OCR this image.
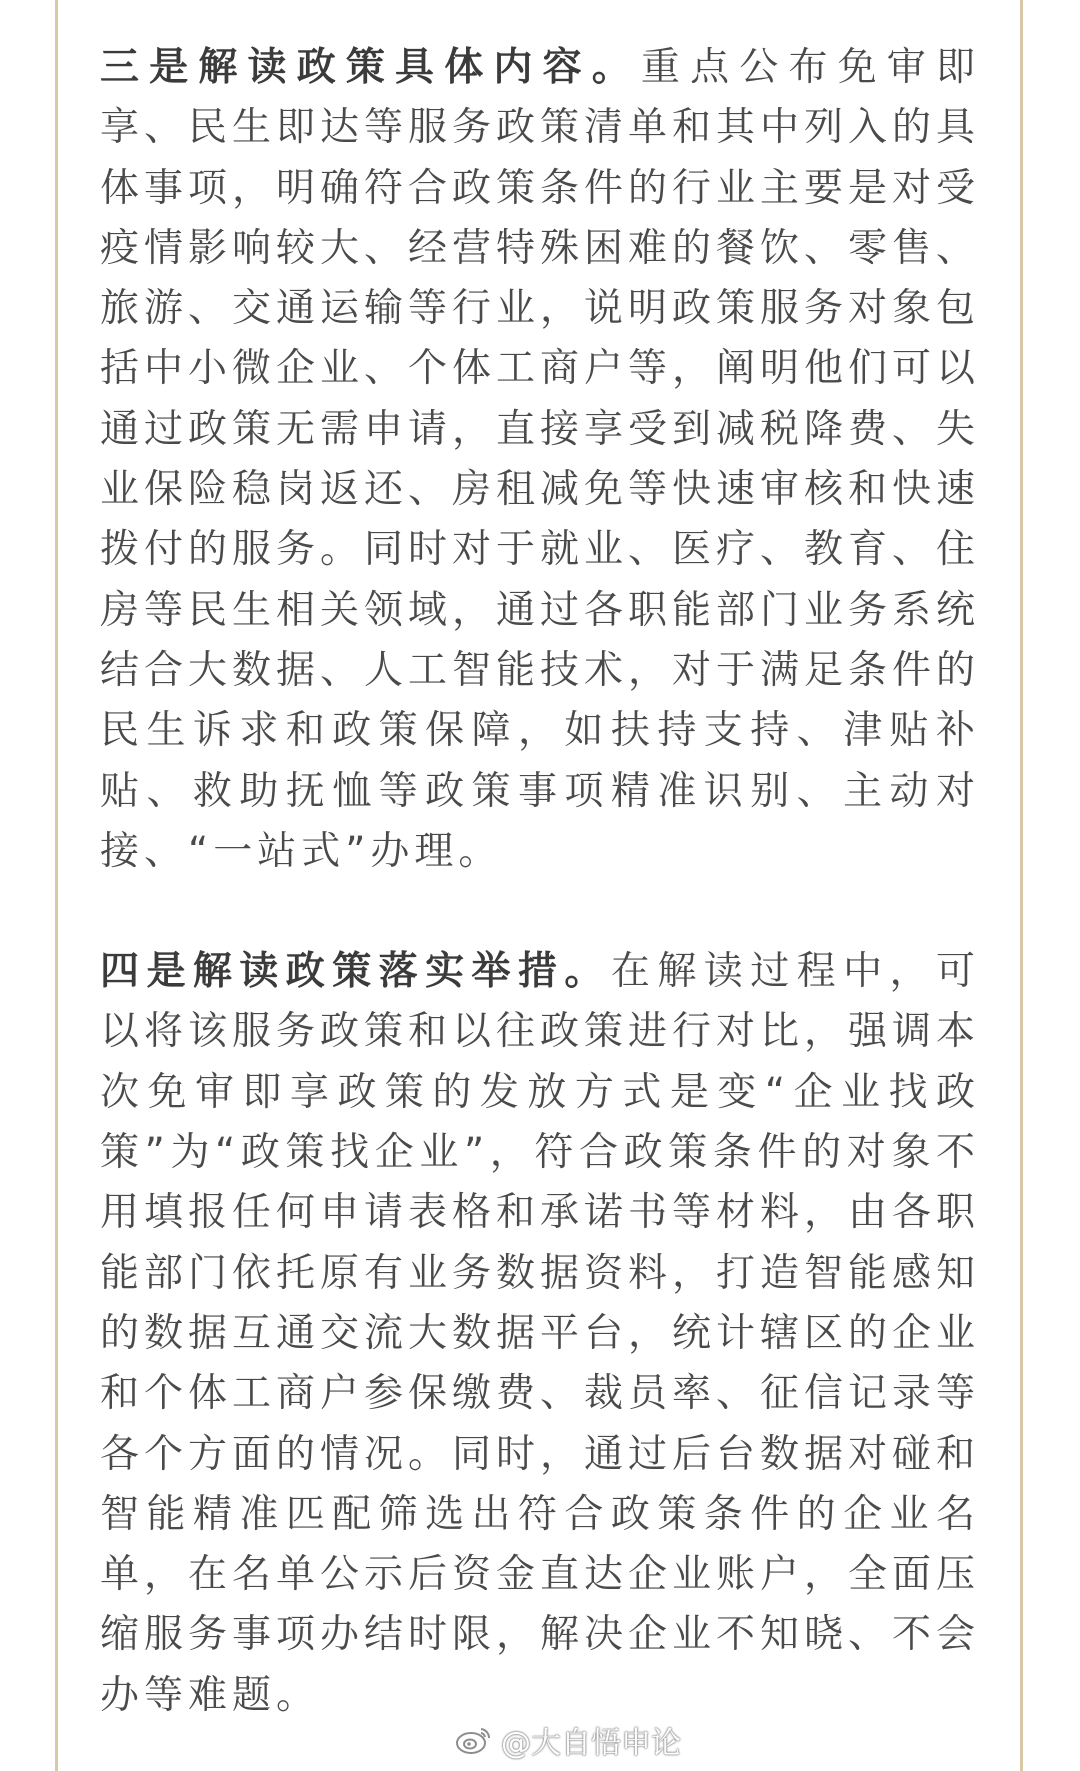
三是解读政策具体内容。重点公布免审即享、民生即达等服务政策清单和其中列入的具体事项，明确符合政策条件的行业主要是对受疫情影响较大、经营特殊困难的餐饮、零售、旅游、交通运输等行业，说明政策服务对象包括中小微企业、个体工商户等，阐明他们可以通过政策无需申请，直接享受到减税降费、失业保险稳岗返还、房租减免等快速审核和快速拨付的服务。同时对于就业、医疗、教育、住房等民生相关领域，通过各职能部门业务系统结合大数据、人工智能技术，对于满足条件的民生诉求和政策保障，如扶持支持、津贴补贴、救助抚恤等政策事项精准识别、主动对接、“一站式”办理。

四是解读政策落实举措。在解读过程中，可以将该服务政策和以往政策进行对比，强调本次免审即享政策的发放方式是变“企业找政策”为“政策找企业”，符合政策条件的对象不用填报任何申请表格和承诺书等材料，由各职能部门依托原有业务数据资料，打造智能感知的数据互通交流大数据平台，统计辖区的企业和个体工商户参保缴费、裁员率、征信记录等各个方面的情况。同时，通过后台数据对碰和智能精准匹配筛选出符合政策条件的企业名单，在名单公示后资金直达企业账户，全面压缩服务事项办结时限，解决企业不知晓、不会办等难题。

@大自悟申论
